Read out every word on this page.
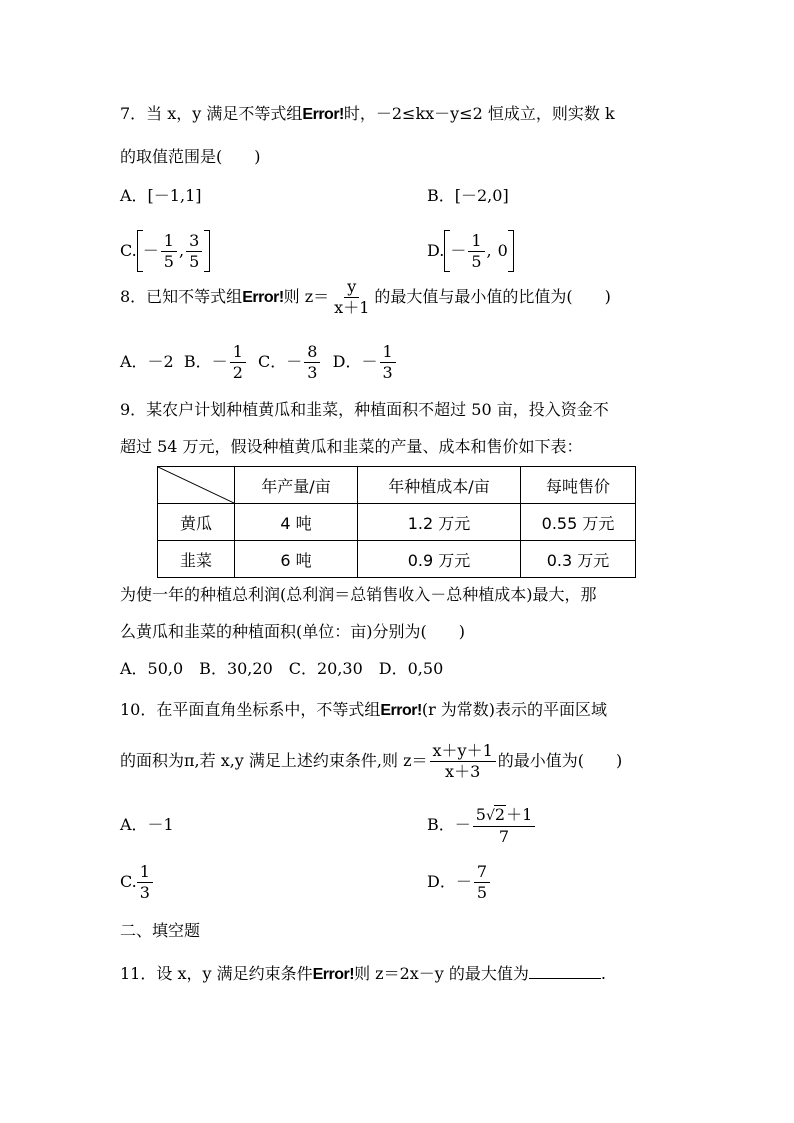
7．当 x，y 满足不等式组Error!时，－2≤kx－y≤2 恒成立，则实数 k
的取值范围是(　　)
A．[－1,1]	B．[－2,0]
C. － $\frac{1}{5}$ , $\frac{3}{5}$	D. － $\frac{1}{5}$ , 0
8．已知不等式组Error!则 $z= \frac{y}{x+1}$ 的最大值与最小值的比值为(　　)
A．－2 B．－ $\frac{1}{2}$ C．－ $\frac{8}{3}$ D．－ $\frac{1}{3}$
9．某农户计划种植黄瓜和韭菜，种植面积不超过 50 亩，投入资金不
超过 54 万元，假设种植黄瓜和韭菜的产量、成本和售价如下表：
	年产量/亩	年种植成本/亩	每吨售价
黄瓜	4 吨	1.2 万元	0.55 万元
韭菜	6 吨	0.9 万元	0.3 万元
为使一年的种植总利润(总利润＝总销售收入－总种植成本)最大，那
么黄瓜和韭菜的种植面积(单位：亩)分别为(　　)
A．50,0　B．30,20　C．20,30　D．0,50
10．在平面直角坐标系中，不等式组Error!(r 为常数)表示的平面区域
的面积为π,若 x,y 满足上述约束条件,则 $z= \frac{x+y+1}{x+3}$ 的最小值为(　　)
A．－1	B．－ $\frac{5√2+1}{7}$
C. $\frac{1}{3}$	D．－ $\frac{7}{5}$
二、填空题
11．设 x，y 满足约束条件Error!则 z＝2x－y 的最大值为	.
